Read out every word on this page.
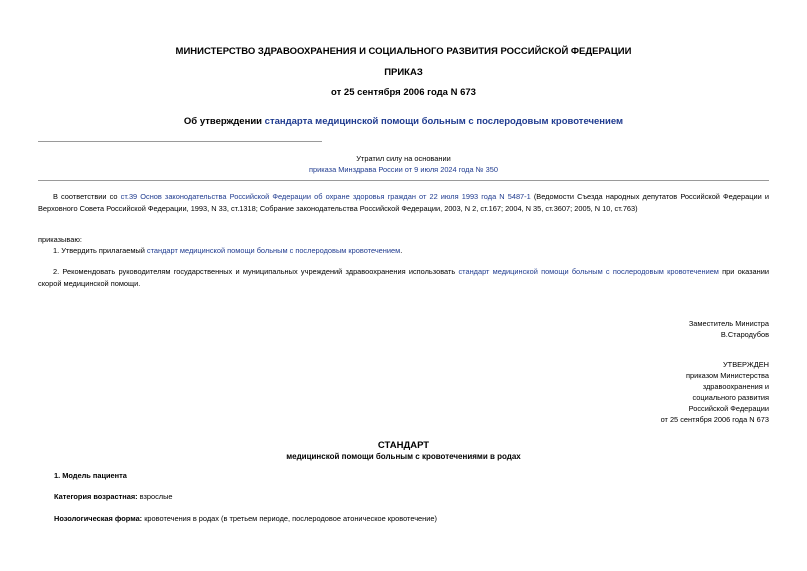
МИНИСТЕРСТВО ЗДРАВООХРАНЕНИЯ И СОЦИАЛЬНОГО РАЗВИТИЯ РОССИЙСКОЙ ФЕДЕРАЦИИ
ПРИКАЗ
от 25 сентября 2006 года N 673
Об утверждении стандарта медицинской помощи больным с послеродовым кровотечением
Утратил силу на основании
приказа Минздрава России от 9 июля 2024 года № 350
В соответствии со ст.39 Основ законодательства Российской Федерации об охране здоровья граждан от 22 июля 1993 года N 5487-1 (Ведомости Съезда народных депутатов Российской Федерации и Верховного Совета Российской Федерации, 1993, N 33, ст.1318; Собрание законодательства Российской Федерации, 2003, N 2, ст.167; 2004, N 35, ст.3607; 2005, N 10, ст.763)
приказываю:
1. Утвердить прилагаемый стандарт медицинской помощи больным с послеродовым кровотечением.
2. Рекомендовать руководителям государственных и муниципальных учреждений здравоохранения использовать стандарт медицинской помощи больным с послеродовым кровотечением при оказании скорой медицинской помощи.
Заместитель Министра
В.Стародубов
УТВЕРЖДЕН
приказом Министерства
здравоохранения и
социального развития
Российской Федерации
от 25 сентября 2006 года N 673
СТАНДАРТ
медицинской помощи больным с кровотечениями в родах
1. Модель пациента
Категория возрастная: взрослые
Нозологическая форма: кровотечения в родах (в третьем периоде, послеродовое атоническое кровотечение)
